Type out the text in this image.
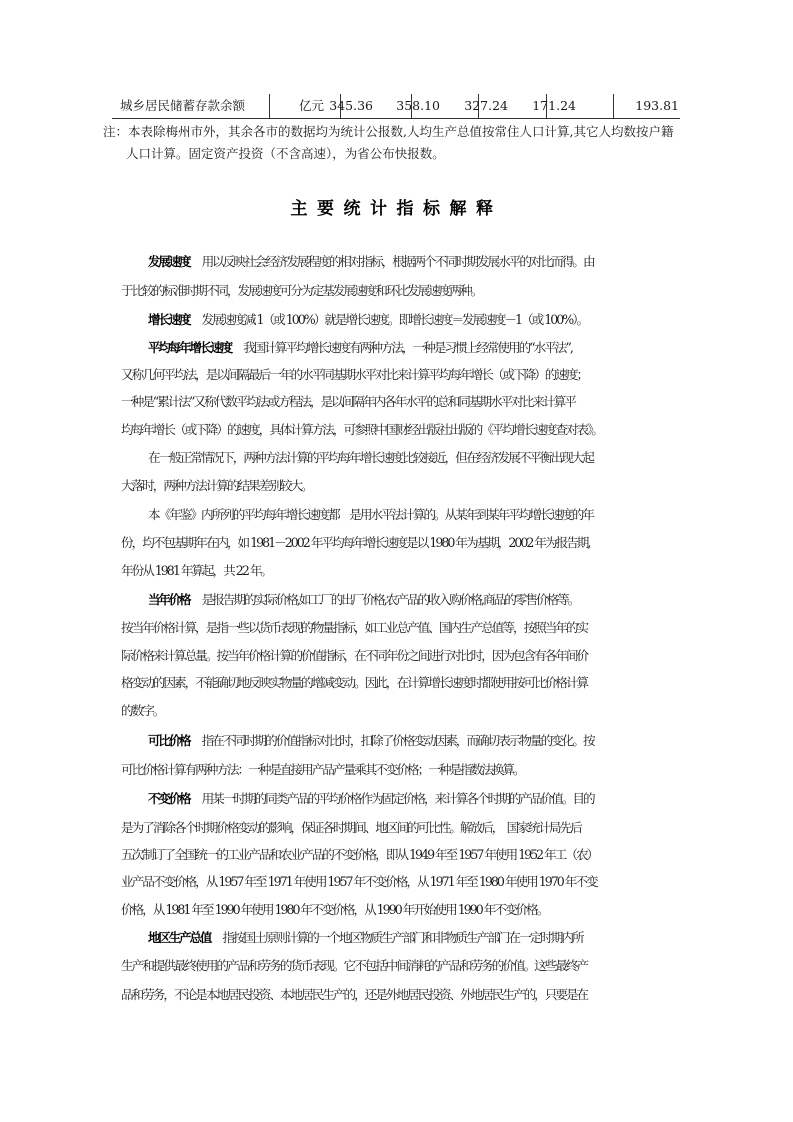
城乡居民储蓄存款余额	亿元 345.36 358.10 327.24 171.24	193.81
注：本表除梅州市外，其余各市的数据均为统计公报数,人均生产总值按常住人口计算,其它人均数按户籍
人口计算。固定资产投资（不含高速），为省公布快报数。
主要统计指标解释
发展速度 用以反映社会经济发展程度的相对指标，根据两个不同时期发展水平的对比而得。由
于比较的标准时期不同，发展速度可分为定基发展速度和环比发展速度两种。
增长速度 发展速度减 1（或 100%）就是增长速度。即增长速度＝发展速度－1（或 100%）。
平均每年增长速度 我国计算平均增长速度有两种方法，一种是习惯上经常使用的“水平法”,
又称几何平均法，是以间隔最后一年的水平同基期水平对比来计算平均每年增长（或下降）的速度；
一种是“累计法”又称代数平均法或方程法，是以间隔年内各年水平的总和同基期水平对比来计算平
均每年增长（或下降）的速度，具体计算方法，可参照中国财经出版社出版的《平均增长速度查对表》。
在一般正常情况下，两种方法计算的平均每年增长速度比较接近，但在经济发展不平衡出现大起
大落时，两种方法计算的结果差别较大。
本《年鉴》内所列的平均每年增长速度都　是用水平法计算的。从某年到某年平均增长速度的年
份，均不包基期年在内，如 1981－2002 年平均每年增长速度是以 1980 年为基期，2002 年为报告期,
年份从 1981 年算起，共 22 年。
当年价格 是报告期的实际价格,如工厂的出厂价格,农产品的收入购价格,商品的零售价格等。
按当年价格计算，是指一些以货币表现的物量指标，如工业总产值、国内生产总值等，按照当年的实
际价格来计算总量。按当年价格计算的价值指标，在不同年份之间进行对比时，因为包含有各年间价
格变动的因素，不能确切地反映实物量的增减变动。因此，在计算增长速度时都使用按可比价格计算
的数字。
可比价格 指在不同时期的价值指标对比时，扣除了价格变动因素，而确切表示物量的变化。按
可比价格计算有两种方法：一种是直接用产品产量乘其不变价格；一种是指数法换算。
不变价格 用某一时期的同类产品的平均价格作为固定价格，来计算各个时期的产品价值。目的
是为了消除各个时期价格变动的影响，保证各时期间、地区间的可比性。解放后，　国家统计局先后
五次制订了全国统一的工业产品和农业产品的不变价格，即从 1949 年至 1957 年使用 1952 年工（农）
业产品不变价格，从 1957 年至 1971 年使用 1957 年不变价格，从 1971 年至 1980 年使用 1970 年不变
价格，从 1981 年至 1990 年使用 1980 年不变价格，从 1990 年开始使用 1990 年不变价格。
地区生产总值 指按国土原则计算的一个地区物质生产部门和非物质生产部门在一定时期内所
生产和提供最终使用的产品和劳务的货币表现。它不包括中间消耗的产品和劳务的价值。这些最终产
品和劳务，不论是本地居民投资、本地居民生产的，还是外地居民投资、外地居民生产的，只要是在
